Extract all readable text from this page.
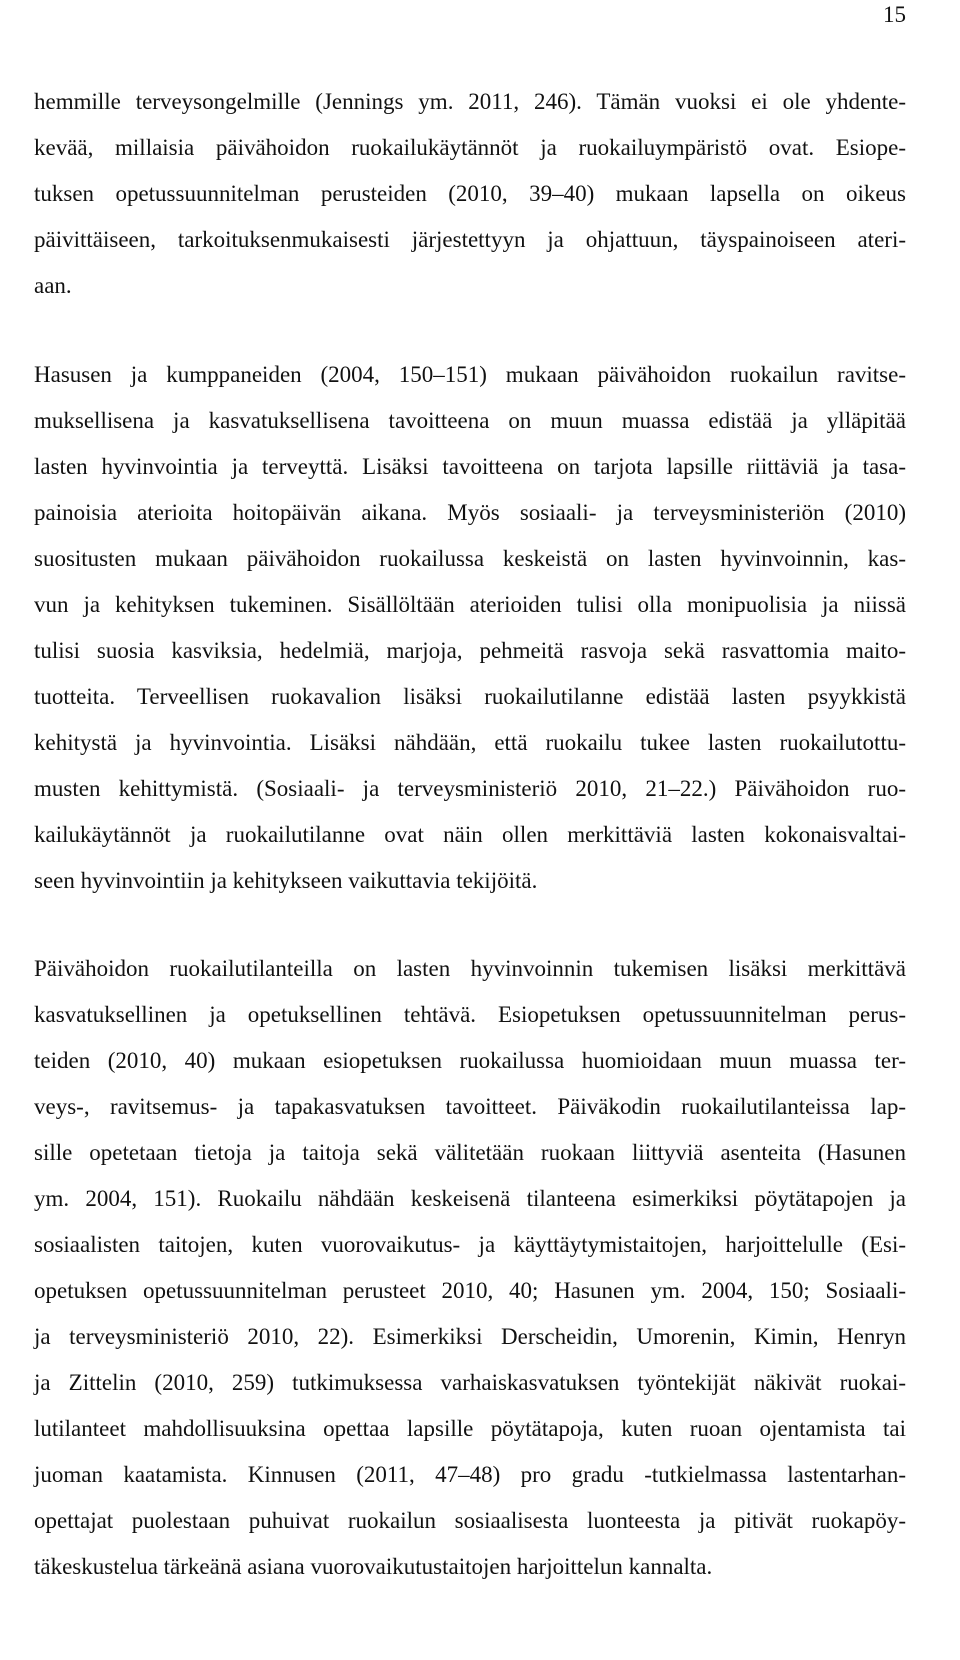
15
hemmille terveysongelmille (Jennings ym. 2011, 246). Tämän vuoksi ei ole yhdente-
kevää, millaisia päivähoidon ruokailukäytännöt ja ruokailuympäristö ovat. Esiope-
tuksen opetussuunnitelman perusteiden (2010, 39–40) mukaan lapsella on oikeus
päivittäiseen, tarkoituksenmukaisesti järjestettyyn ja ohjattuun, täyspainoiseen ateri-
aan.
Hasusen ja kumppaneiden (2004, 150–151) mukaan päivähoidon ruokailun ravitse-
muksellisena ja kasvatuksellisena tavoitteena on muun muassa edistää ja ylläpitää
lasten hyvinvointia ja terveyttä. Lisäksi tavoitteena on tarjota lapsille riittäviä ja tasa-
painoisia aterioita hoitopäivän aikana. Myös sosiaali- ja terveysministeriön (2010)
suositusten mukaan päivähoidon ruokailussa keskeistä on lasten hyvinvoinnin, kas-
vun ja kehityksen tukeminen. Sisällöltään aterioiden tulisi olla monipuolisia ja niissä
tulisi suosia kasviksia, hedelmiä, marjoja, pehmeitä rasvoja sekä rasvattomia maito-
tuotteita. Terveellisen ruokavalion lisäksi ruokailutilanne edistää lasten psyykkistä
kehitystä ja hyvinvointia. Lisäksi nähdään, että ruokailu tukee lasten ruokailutottu-
musten kehittymistä. (Sosiaali- ja terveysministeriö 2010, 21–22.) Päivähoidon ruo-
kailukäytännöt ja ruokailutilanne ovat näin ollen merkittäviä lasten kokonaisvaltai-
seen hyvinvointiin ja kehitykseen vaikuttavia tekijöitä.
Päivähoidon ruokailutilanteilla on lasten hyvinvoinnin tukemisen lisäksi merkittävä
kasvatuksellinen ja opetuksellinen tehtävä. Esiopetuksen opetussuunnitelman perus-
teiden (2010, 40) mukaan esiopetuksen ruokailussa huomioidaan muun muassa ter-
veys-, ravitsemus- ja tapakasvatuksen tavoitteet. Päiväkodin ruokailutilanteissa lap-
sille opetetaan tietoja ja taitoja sekä välitetään ruokaan liittyviä asenteita (Hasunen
ym. 2004, 151). Ruokailu nähdään keskeisenä tilanteena esimerkiksi pöytätapojen ja
sosiaalisten taitojen, kuten vuorovaikutus- ja käyttäytymistaitojen, harjoittelulle (Esi-
opetuksen opetussuunnitelman perusteet 2010, 40; Hasunen ym. 2004, 150; Sosiaali-
ja terveysministeriö 2010, 22). Esimerkiksi Derscheidin, Umorenin, Kimin, Henryn
ja Zittelin (2010, 259) tutkimuksessa varhaiskasvatuksen työntekijät näkivät ruokai-
lutilanteet mahdollisuuksina opettaa lapsille pöytätapoja, kuten ruoan ojentamista tai
juoman kaatamista. Kinnusen (2011, 47–48) pro gradu -tutkielmassa lastentarhan-
opettajat puolestaan puhuivat ruokailun sosiaalisesta luonteesta ja pitivät ruokapöy-
täkeskustelua tärkeänä asiana vuorovaikutustaitojen harjoittelun kannalta.
